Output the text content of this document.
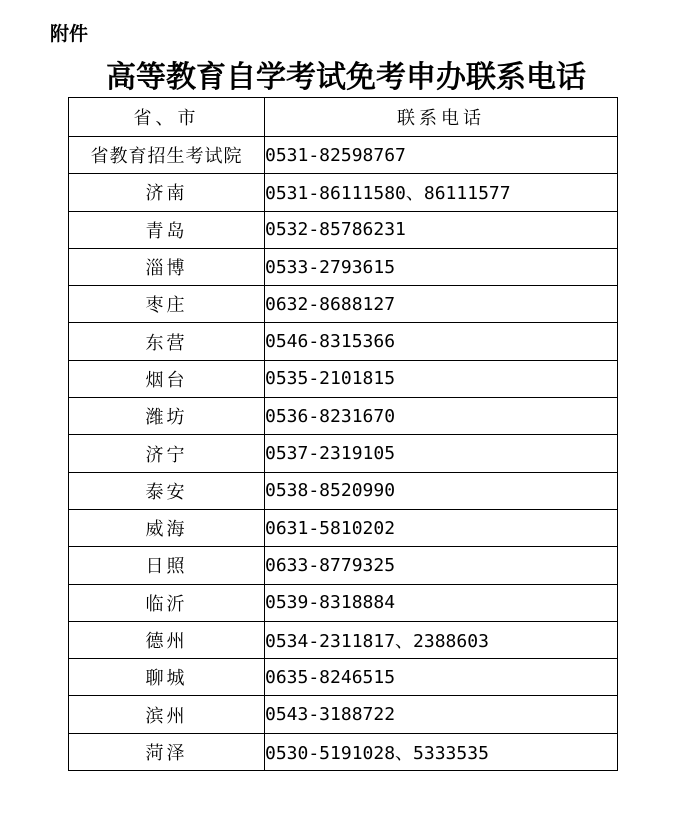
附件
高等教育自学考试免考申办联系电话
省、市	联系电话
省教育招生考试院	0531-82598767
济南	0531-86111580、86111577
青岛	0532-85786231
淄博	0533-2793615
枣庄	0632-8688127
东营	0546-8315366
烟台	0535-2101815
潍坊	0536-8231670
济宁	0537-2319105
泰安	0538-8520990
威海	0631-5810202
日照	0633-8779325
临沂	0539-8318884
德州	0534-2311817、2388603
聊城	0635-8246515
滨州	0543-3188722
菏泽	0530-5191028、5333535
